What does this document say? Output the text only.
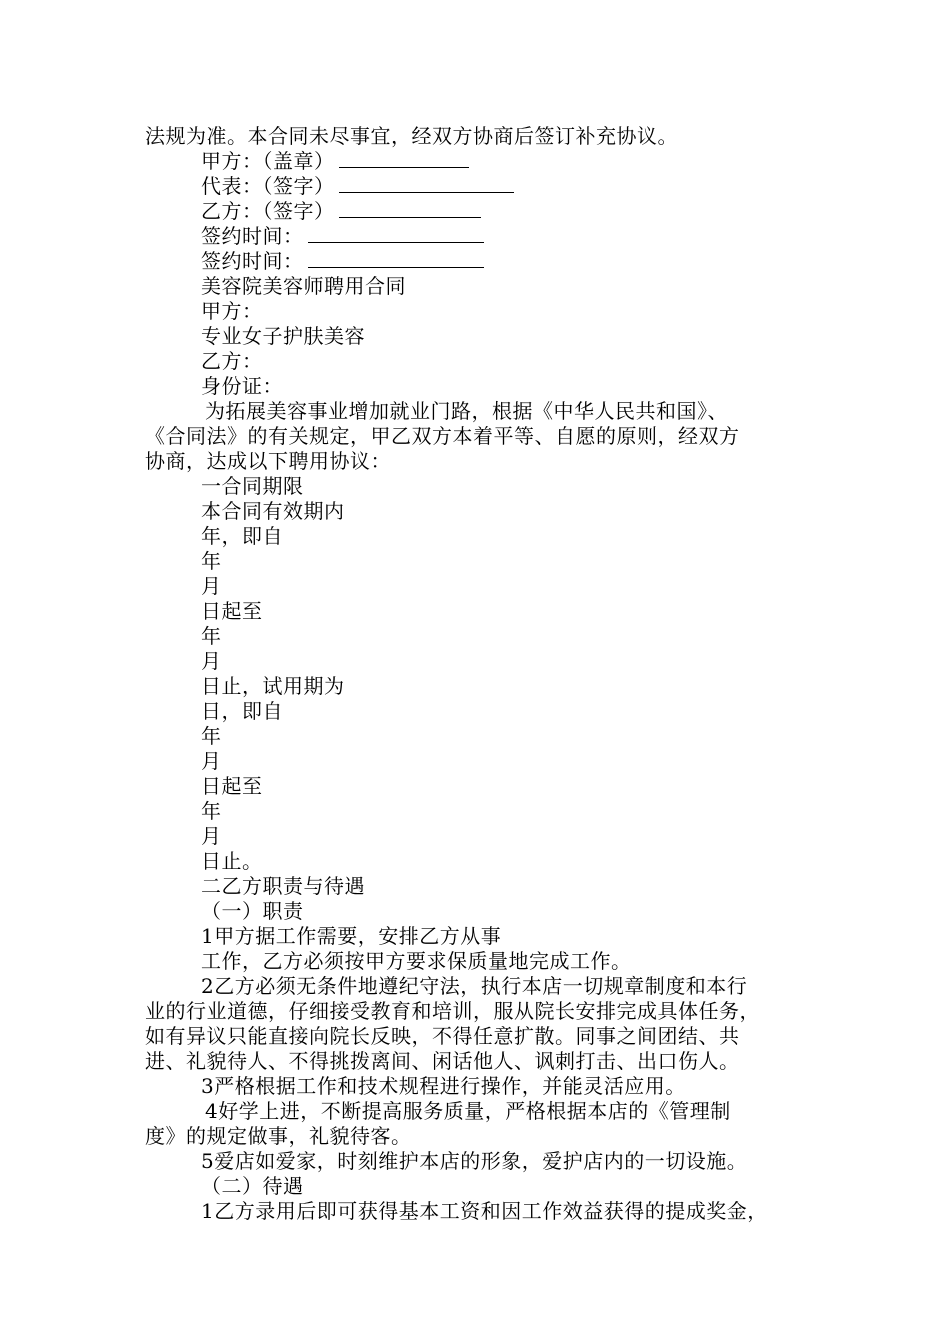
法规为准。本合同未尽事宜，经双方协商后签订补充协议。
甲方：（盖章）
代表：（签字）
乙方：（签字）
签约时间：
签约时间：
美容院美容师聘用合同
甲方：
专业女子护肤美容
乙方：
身份证：
为拓展美容事业增加就业门路，根据《中华人民共和国》、
《合同法》的有关规定，甲乙双方本着平等、自愿的原则，经双方
协商，达成以下聘用协议：
一合同期限
本合同有效期内
年，即自
年
月
日起至
年
月
日止，试用期为
日，即自
年
月
日起至
年
月
日止。
二乙方职责与待遇
（一）职责
1甲方据工作需要，安排乙方从事
工作，乙方必须按甲方要求保质量地完成工作。
2乙方必须无条件地遵纪守法，执行本店一切规章制度和本行
业的行业道德，仔细接受教育和培训，服从院长安排完成具体任务，
如有异议只能直接向院长反映，不得任意扩散。同事之间团结、共
进、礼貌待人、不得挑拨离间、闲话他人、讽刺打击、出口伤人。
3严格根据工作和技术规程进行操作，并能灵活应用。
4好学上进，不断提高服务质量，严格根据本店的《管理制
度》的规定做事，礼貌待客。
5爱店如爱家，时刻维护本店的形象，爱护店内的一切设施。
（二）待遇
1乙方录用后即可获得基本工资和因工作效益获得的提成奖金，
